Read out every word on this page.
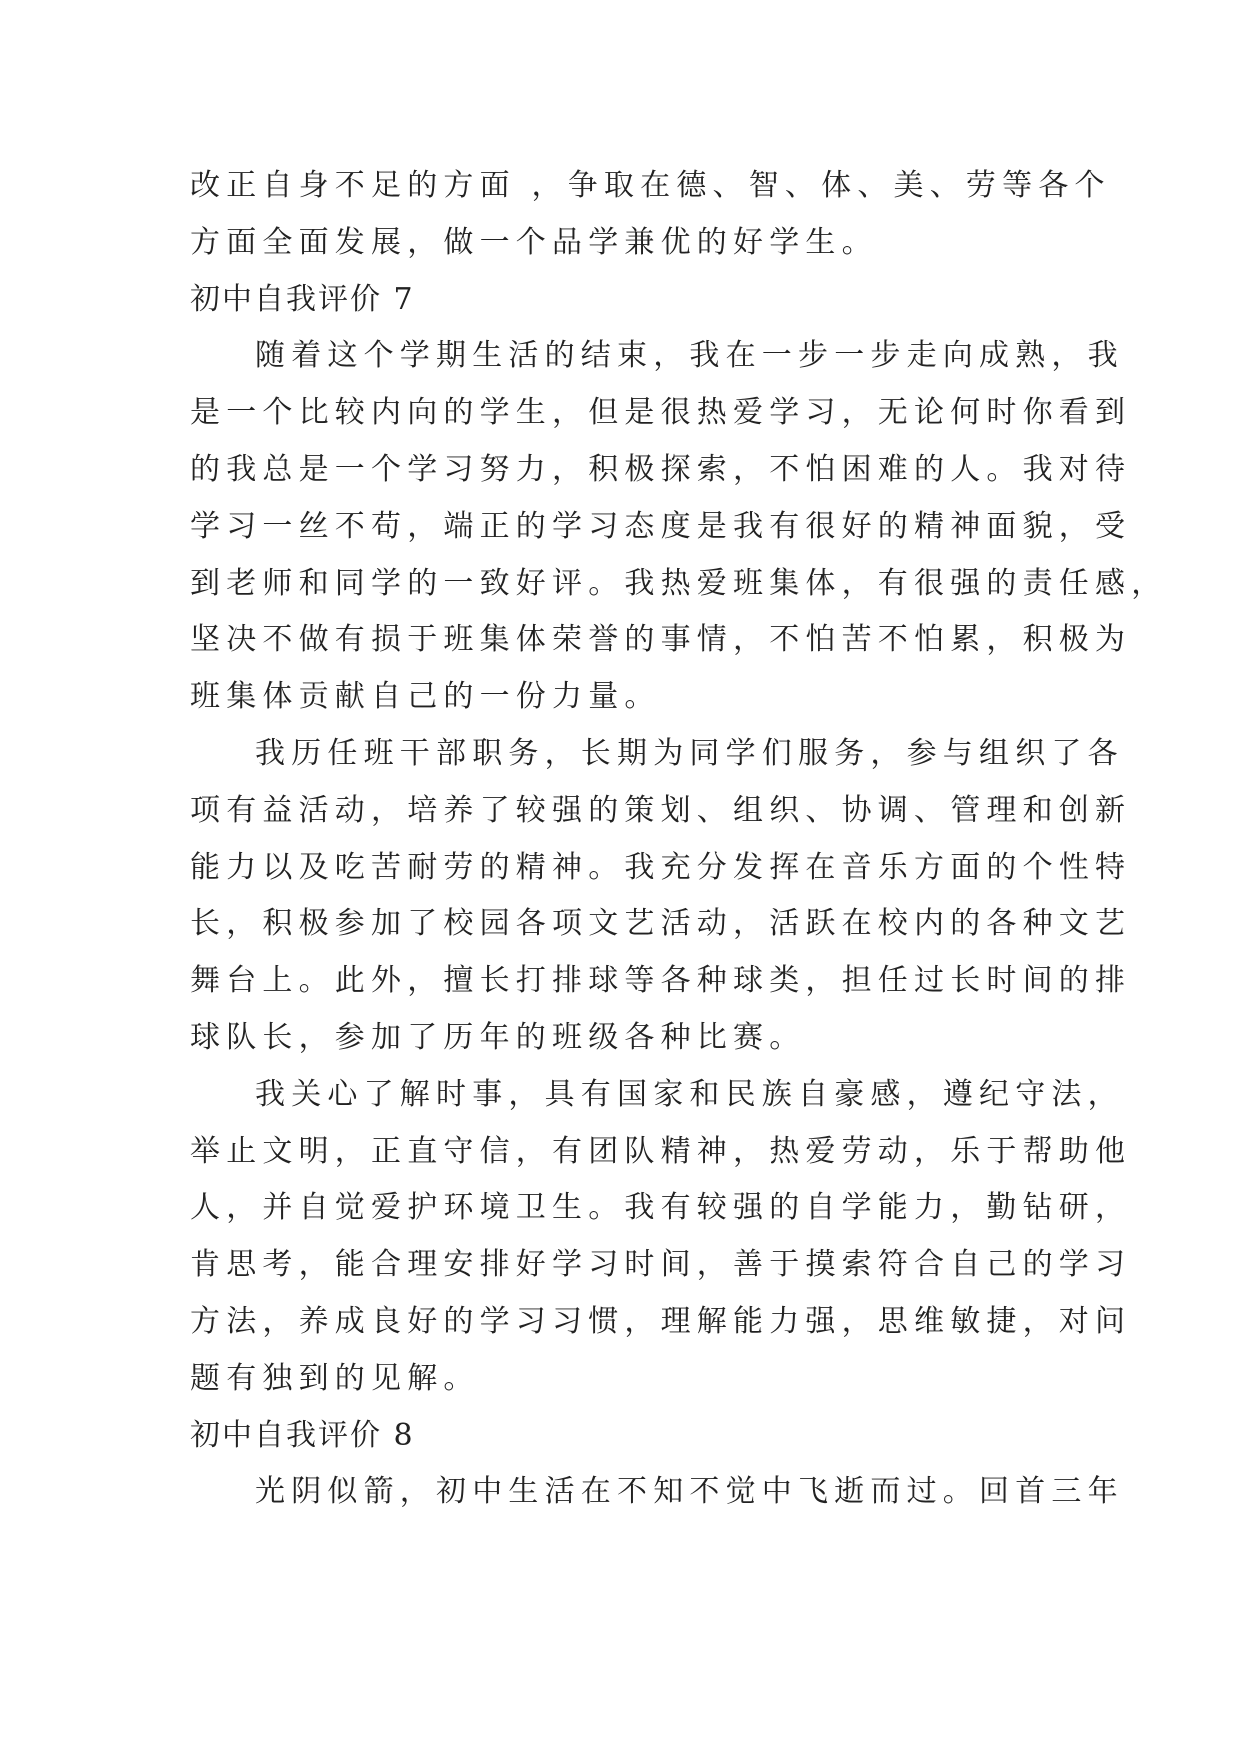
改正自身不足的方面 ，争取在德、智、体、美、劳等各个
方面全面发展，做一个品学兼优的好学生。
初中自我评价 7
随着这个学期生活的结束，我在一步一步走向成熟，我
是一个比较内向的学生，但是很热爱学习，无论何时你看到
的我总是一个学习努力，积极探索，不怕困难的人。我对待
学习一丝不苟，端正的学习态度是我有很好的精神面貌，受
到老师和同学的一致好评。我热爱班集体，有很强的责任感，
坚决不做有损于班集体荣誉的事情，不怕苦不怕累，积极为
班集体贡献自己的一份力量。
我历任班干部职务，长期为同学们服务，参与组织了各
项有益活动，培养了较强的策划、组织、协调、管理和创新
能力以及吃苦耐劳的精神。我充分发挥在音乐方面的个性特
长，积极参加了校园各项文艺活动，活跃在校内的各种文艺
舞台上。此外，擅长打排球等各种球类，担任过长时间的排
球队长，参加了历年的班级各种比赛。
我关心了解时事，具有国家和民族自豪感，遵纪守法，
举止文明，正直守信，有团队精神，热爱劳动，乐于帮助他
人，并自觉爱护环境卫生。我有较强的自学能力，勤钻研，
肯思考，能合理安排好学习时间，善于摸索符合自己的学习
方法，养成良好的学习习惯，理解能力强，思维敏捷，对问
题有独到的见解。
初中自我评价 8
光阴似箭，初中生活在不知不觉中飞逝而过。回首三年
